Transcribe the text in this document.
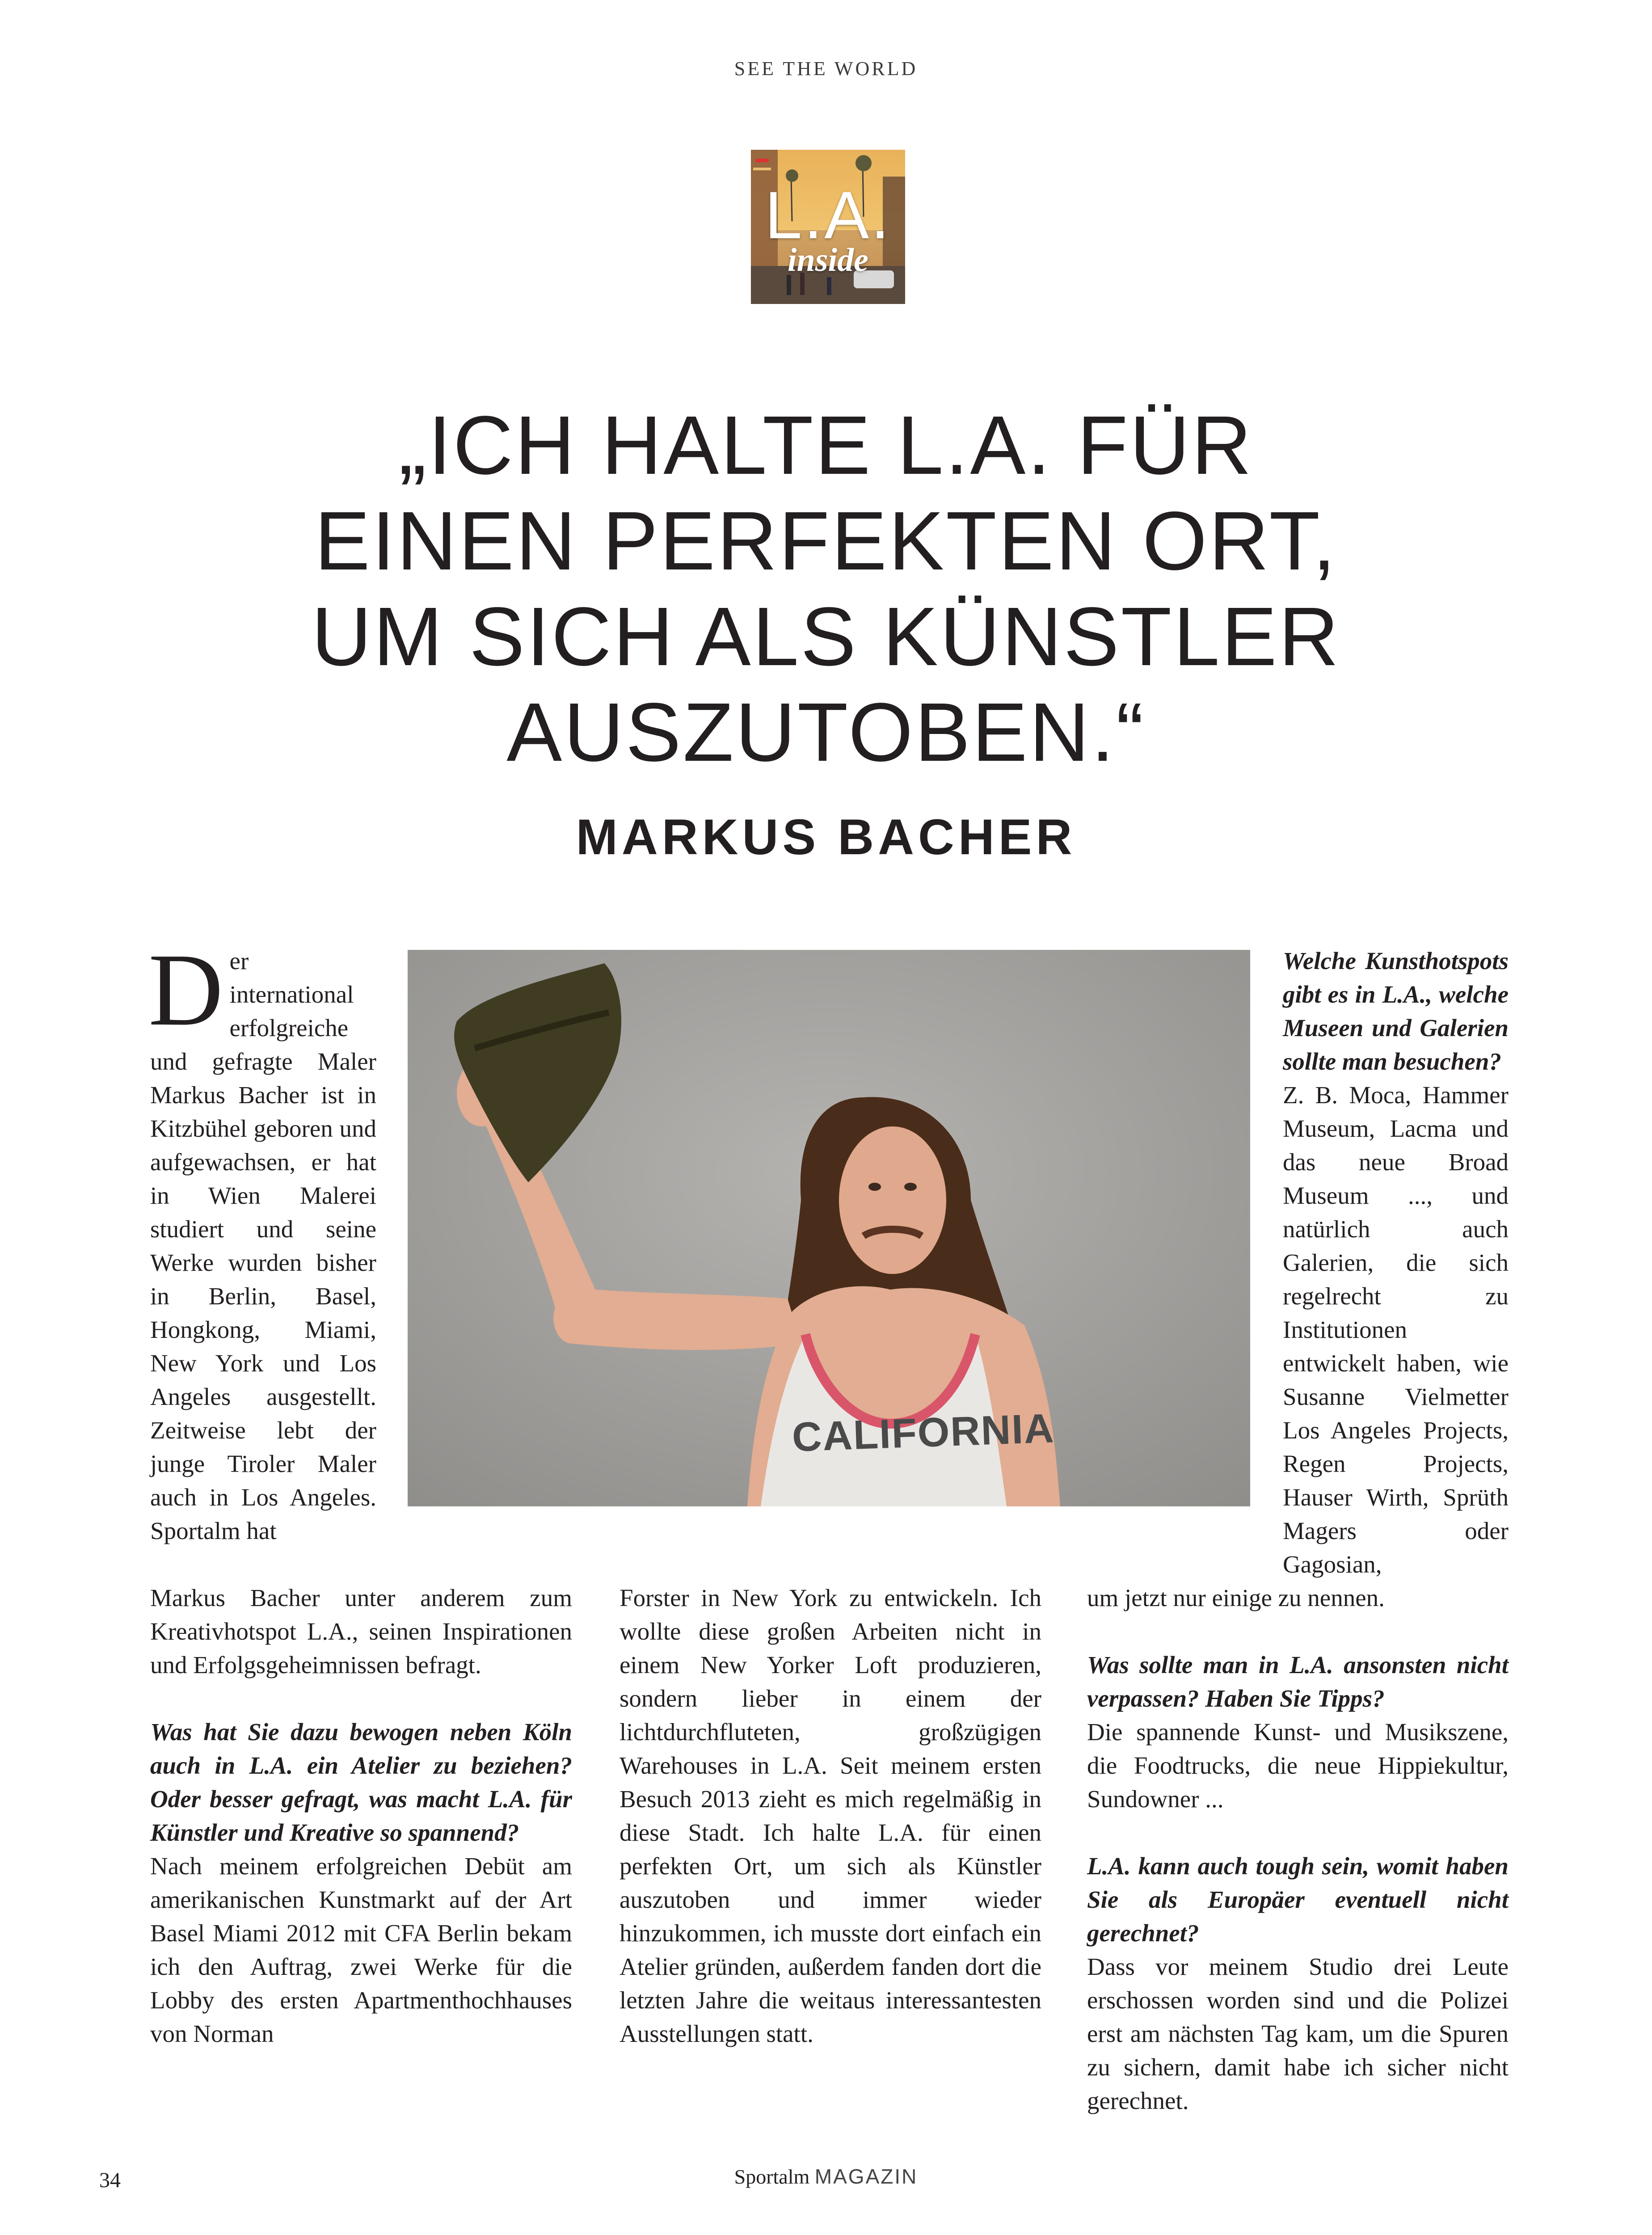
SEE THE WORLD
L.A.
inside
„ICH HALTE L.A. FÜR
EINEN PERFEKTEN ORT,
UM SICH ALS KÜNSTLER
AUSZUTOBEN.“
MARKUS BACHER
CALIFORNIA

Der international erfolgreiche und gefragte Maler Markus Bacher ist in Kitzbühel geboren und aufgewachsen, er hat in Wien Malerei studiert und seine Werke wurden bisher in Berlin, Basel, Hongkong, Miami, New York und Los Angeles ausgestellt. Zeitweise lebt der junge Tiroler Maler auch in Los Angeles. Sportalm hat

Markus Bacher unter anderem zum Kreativhotspot L.A., seinen Inspirationen und Erfolgsgeheimnissen befragt.

Was hat Sie dazu bewogen neben Köln auch in L.A. ein Atelier zu beziehen? Oder besser gefragt, was macht L.A. für Künstler und Kreative so spannend?

Nach meinem erfolgreichen Debüt am amerikanischen Kunstmarkt auf der Art Basel Miami 2012 mit CFA Berlin bekam ich den Auftrag, zwei Werke für die Lobby des ersten Apartmenthochhauses von Norman

Forster in New York zu entwickeln. Ich wollte diese großen Arbeiten nicht in einem New Yorker Loft produzieren, sondern lieber in einem der lichtdurchfluteten, großzügigen Warehouses in L.A. Seit meinem ersten Besuch 2013 zieht es mich regelmäßig in diese Stadt. Ich halte L.A. für einen perfekten Ort, um sich als Künstler auszutoben und immer wieder hinzukommen, ich musste dort einfach ein Atelier gründen, außerdem fanden dort die letzten Jahre die weitaus interessantesten Ausstellungen statt.

Welche Kunsthotspots gibt es in L.A., welche Museen und Galerien sollte man besuchen?

Z. B. Moca, Hammer Museum, Lacma und das neue Broad Museum ..., und natürlich auch Galerien, die sich regelrecht zu Institutionen entwickelt haben, wie Susanne Vielmetter Los Angeles Projects, Regen Projects, Hauser Wirth, Sprüth Magers oder Gagosian,

um jetzt nur einige zu nennen.

Was sollte man in L.A. ansonsten nicht verpassen? Haben Sie Tipps?

Die spannende Kunst- und Musikszene, die Foodtrucks, die neue Hippiekultur, Sundowner ...

L.A. kann auch tough sein, womit haben Sie als Europäer eventuell nicht gerechnet?

Dass vor meinem Studio drei Leute erschossen worden sind und die Polizei erst am nächsten Tag kam, um die Spuren zu sichern, damit habe ich sicher nicht gerechnet.

34	Sportalm MAGAZIN
